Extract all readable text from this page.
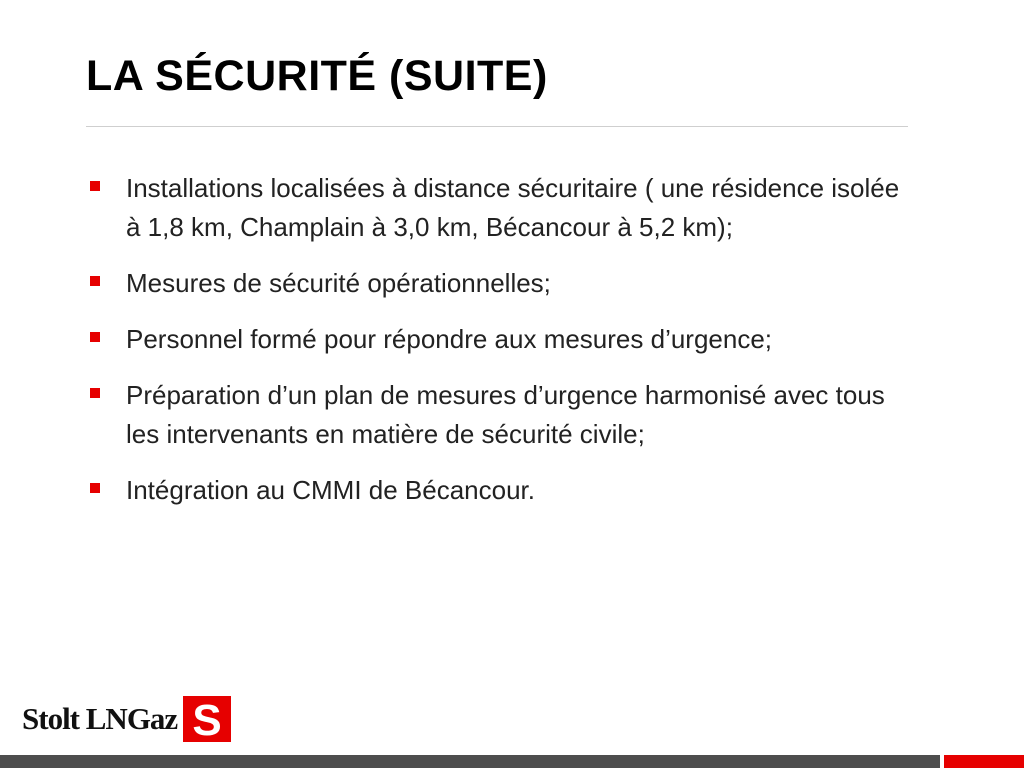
LA SÉCURITÉ (SUITE)
Installations localisées à distance sécuritaire ( une résidence isolée à 1,8 km, Champlain à 3,0 km, Bécancour à 5,2 km);
Mesures de sécurité opérationnelles;
Personnel formé pour répondre aux mesures d’urgence;
Préparation d’un plan de mesures d’urgence harmonisé avec tous les intervenants en matière de sécurité civile;
Intégration au CMMI de Bécancour.
Stolt LNGaz S
